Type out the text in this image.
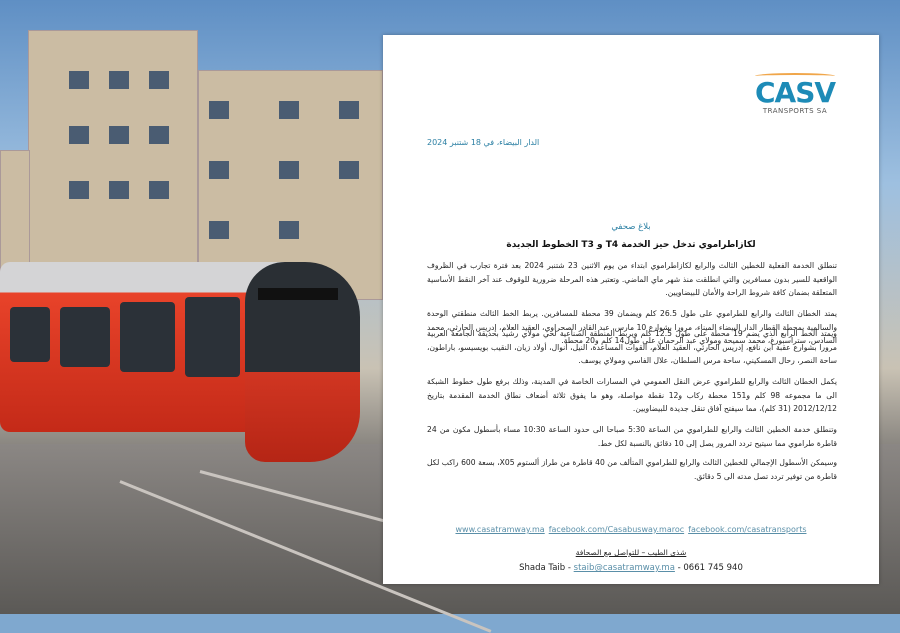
CASV
TRANSPORTS SA
الدار البيضاء، في 18 شتنبر 2024
بلاغ صحفي
الخطوط الجديدة T3 و T4 لكازاطراموي تدخل حيز الخدمة

تنطلق الخدمة الفعلية للخطين الثالث والرابع لكازاطراموي ابتداء من يوم الاثنين 23 شتنبر 2024 بعد فترة تجارب في الظروف الواقعية للسير بدون مسافرين والتي انطلقت منذ شهر ماي الماضي. وتعتبر هذه المرحلة ضرورية للوقوف عند آخر النقط الأساسية المتعلقة بضمان كافة شروط الراحة والأمان للبيضاويين.

يمتد الخطان الثالث والرابع للطراموي على طول 26.5 كلم ويضمان 39 محطة للمسافرين. يربط الخط الثالث منطقتي الوحدة والسالمية بمحطة القطار الدار البيضاء الميناء، مرورا بشوارع 10 مارس، عبد القادر الصحراوي، العقيد العلام، إدريس الحارثي، محمد السادس، ستراسبورغ، محمد سميحة ومولاي عبد الرحمان على طول14 كلم و20 محطة.

ويمتد الخط الرابع الذي يضم 19 محطة على طول 12.5 كلم ويربط المنطقة الصناعية لحي مولاي رشيد بحديقة الجامعة العربية مرورا بشوارع عقبة ابن نافع، إدريس الحارثي، العقيد العلام، القوات المساعدة، النيل، أنوال، أولاد زيان، النقيب بويسيسو، باراطون، ساحة النصر، رحال المسكيني، ساحة مرس السلطان، علال الفاسي ومولاي يوسف.

يكمل الخطان الثالث والرابع للطراموي عرض النقل العمومي في المسارات الخاصة في المدينة، وذلك برفع طول خطوط الشبكة الى ما مجموعه 98 كلم و151 محطة ركاب و12 نقطة مواصلة، وهو ما يفوق ثلاثة أضعاف نطاق الخدمة المقدمة بتاريخ 2012/12/12 (31 كلم)، مما سيفتح آفاق تنقل جديدة للبيضاويين.

وتنطلق خدمة الخطين الثالث والرابع للطراموي من الساعة 5:30 صباحا الى حدود الساعة 10:30 مساء بأسطول مكون من 24 قاطرة طراموي مما سيتيح تردد المرور يصل إلى 10 دقائق بالنسبة لكل خط.

وسيمكن الأسطول الإجمالي للخطين الثالث والرابع للطراموي المتألف من 40 قاطرة من طراز ألستوم X05، بسعة 600 راكب لكل قاطرة من توفير تردد تصل مدته الى 5 دقائق.

www.casatramway.ma facebook.com/Casabusway.maroc facebook.com/casatransports
شذى الطيب – للتواصل مع الصحافة
Shada Taib - staib@casatramway.ma - 0661 745 940
